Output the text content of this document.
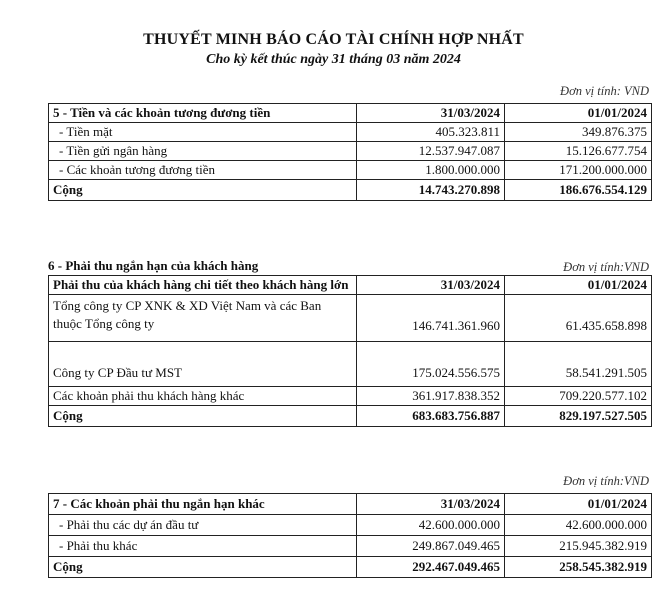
THUYẾT MINH BÁO CÁO TÀI CHÍNH HỢP NHẤT
Cho kỳ kết thúc ngày 31 tháng 03 năm 2024
Đơn vị tính: VND
5 - Tiền và các khoản tương đương tiền	31/03/2024	01/01/2024
- Tiền mặt	405.323.811	349.876.375
- Tiền gửi ngân hàng	12.537.947.087	15.126.677.754
- Các khoản tương đương tiền	1.800.000.000	171.200.000.000
Cộng	14.743.270.898	186.676.554.129
6 - Phải thu ngắn hạn của khách hàng	Đơn vị tính:VND
Phải thu của khách hàng chi tiết theo khách hàng lớn	31/03/2024	01/01/2024
Tổng công ty CP XNK & XD Việt Nam và các Ban thuộc Tổng công ty	146.741.361.960	61.435.658.898
Công ty CP Đầu tư MST	175.024.556.575	58.541.291.505
Các khoản phải thu khách hàng khác	361.917.838.352	709.220.577.102
Cộng	683.683.756.887	829.197.527.505
Đơn vị tính:VND
7 - Các khoản phải thu ngắn hạn khác	31/03/2024	01/01/2024
- Phải thu các dự án đầu tư	42.600.000.000	42.600.000.000
- Phải thu khác	249.867.049.465	215.945.382.919
Cộng	292.467.049.465	258.545.382.919
